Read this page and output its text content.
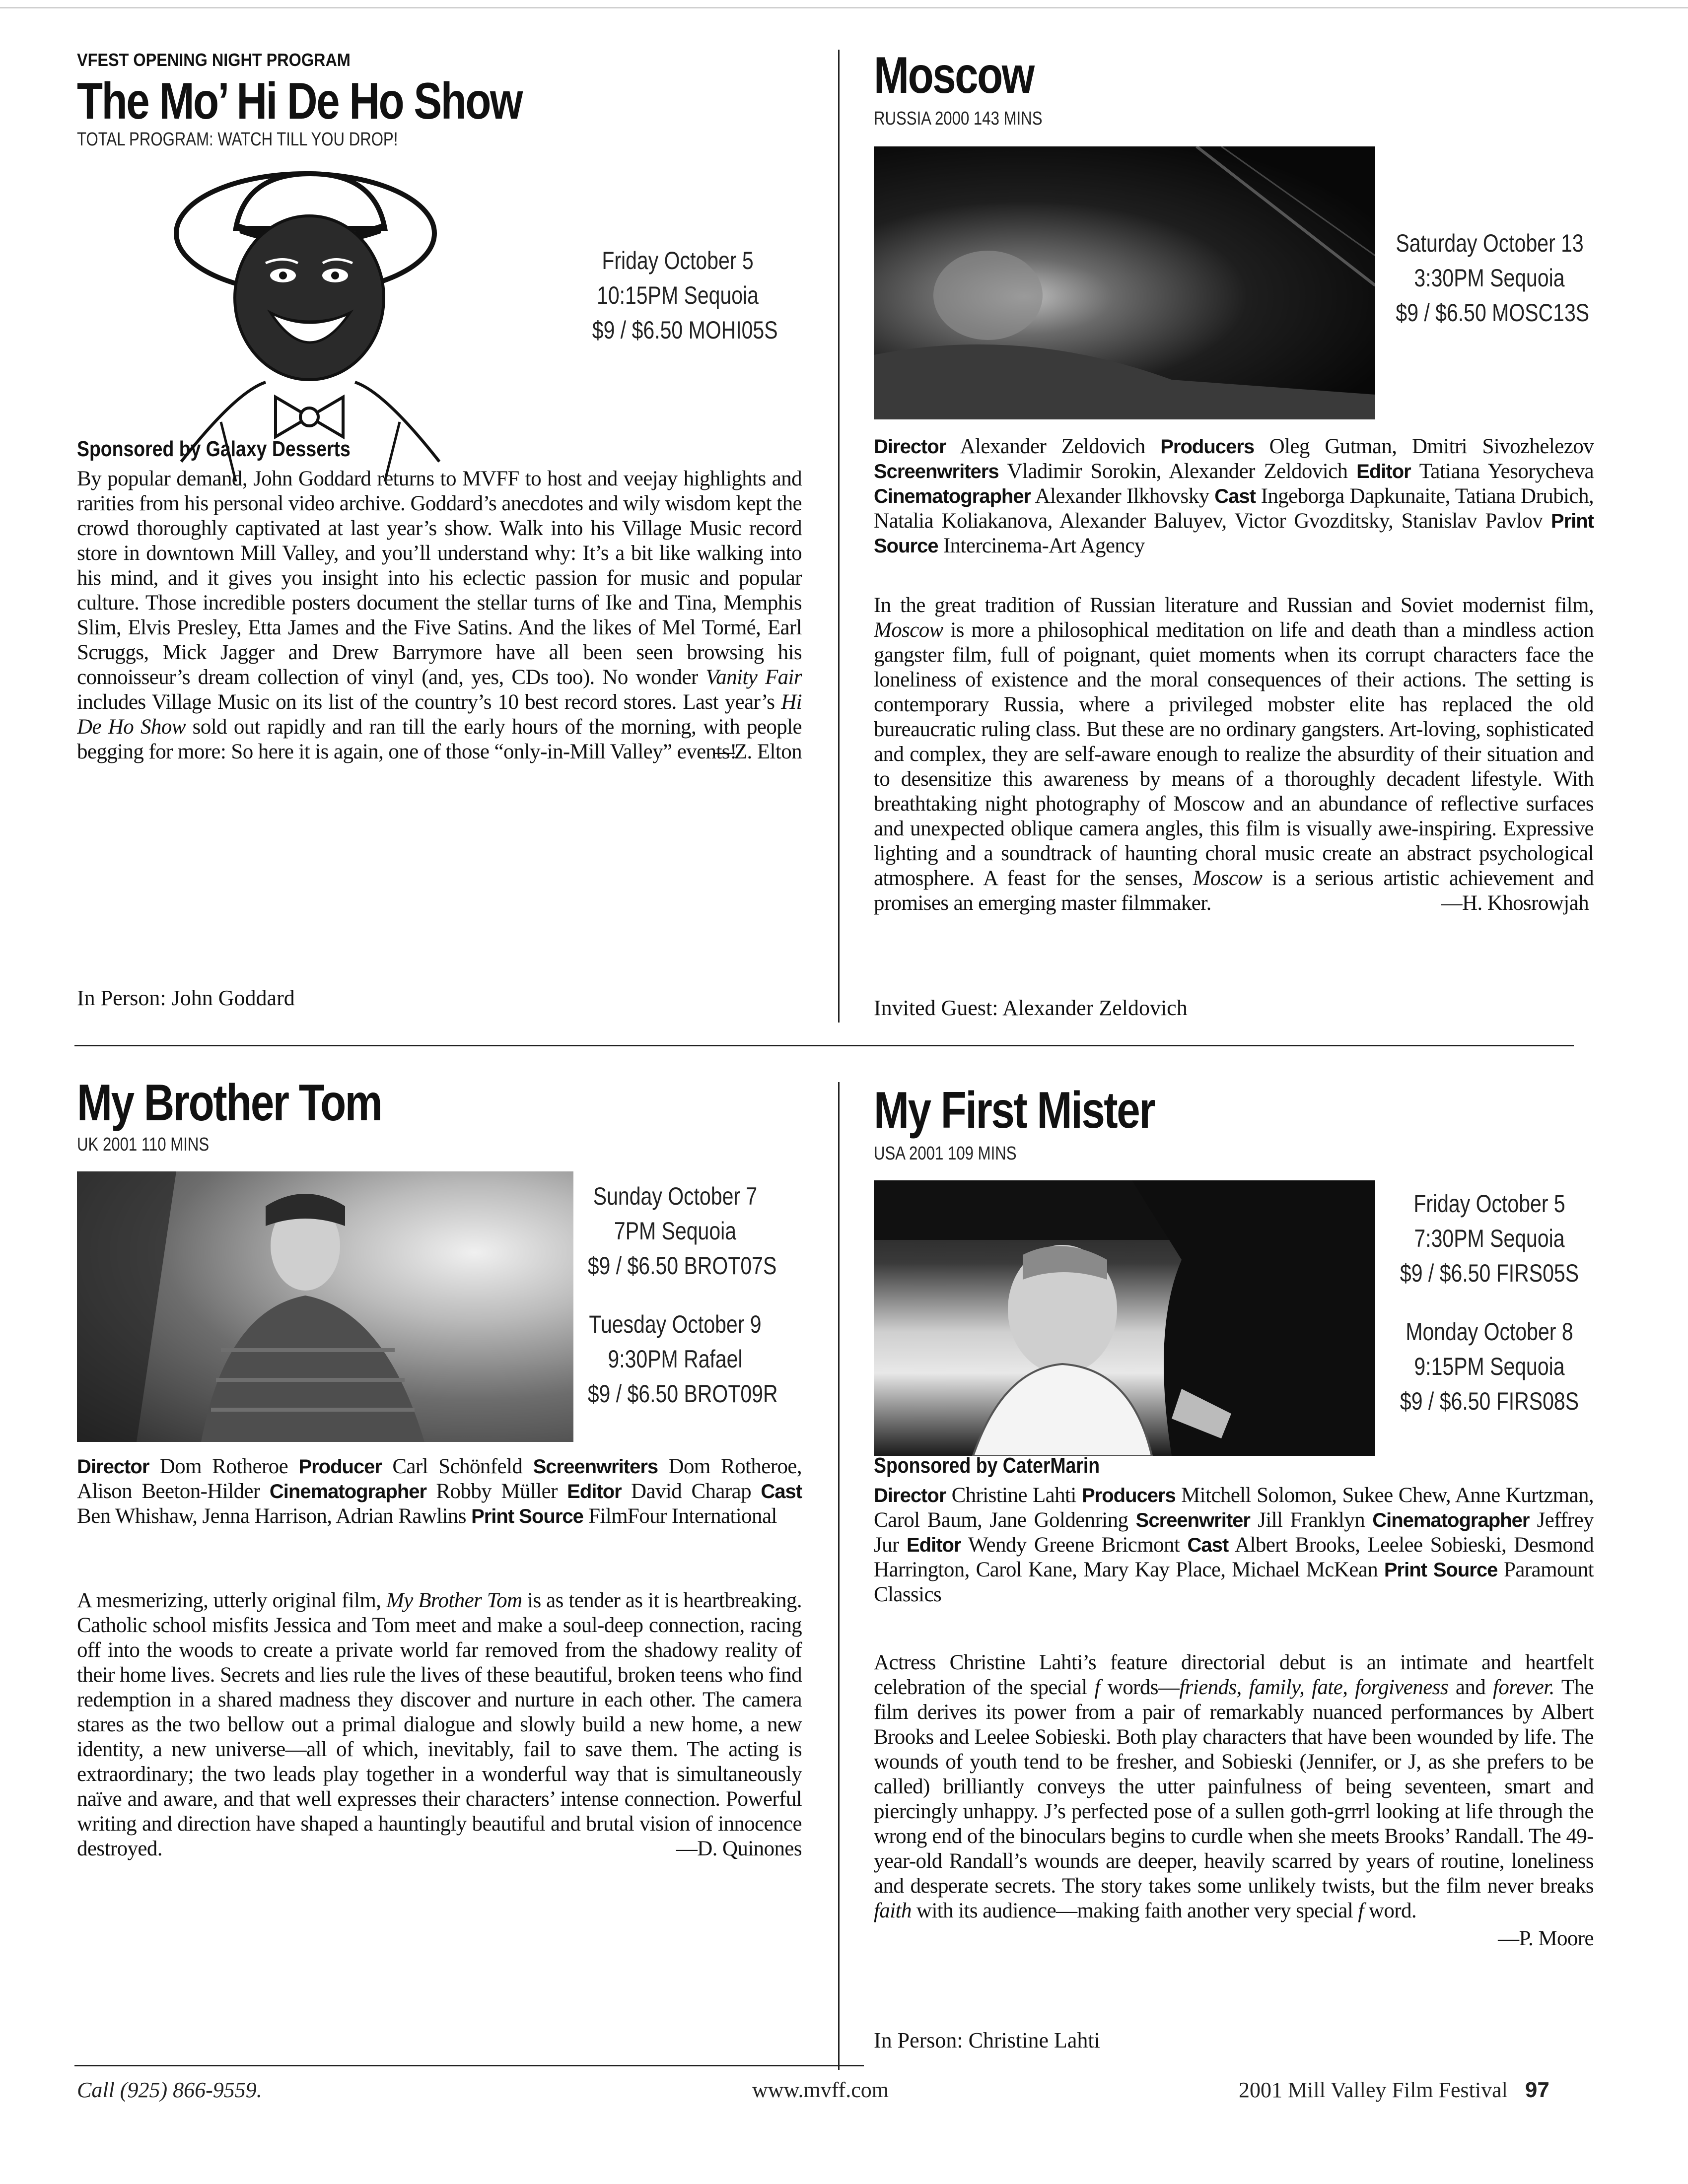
VFEST OPENING NIGHT PROGRAM
The Mo’ Hi De Ho Show
TOTAL PROGRAM: WATCH TILL YOU DROP!
Friday October 5
10:15PM Sequoia
$9 / $6.50 MOHI05S
Sponsored by Galaxy Desserts
By popular demand, John Goddard returns to MVFF to host and veejay highlights and rarities from his personal video archive. Goddard’s anecdotes and wily wisdom kept the crowd thoroughly captivated at last year’s show. Walk into his Village Music record store in downtown Mill Valley, and you’ll understand why: It’s a bit like walking into his mind, and it gives you insight into his eclectic passion for music and popular culture. Those incredible posters document the stellar turns of Ike and Tina, Memphis Slim, Elvis Presley, Etta James and the Five Satins. And the likes of Mel Tormé, Earl Scruggs, Mick Jagger and Drew Barrymore have all been seen browsing his connoisseur’s dream collection of vinyl (and, yes, CDs too). No wonder Vanity Fair includes Village Music on its list of the country’s 10 best record stores. Last year’s Hi De Ho Show sold out rapidly and ran till the early hours of the morning, with people begging for more: So here it is again, one of those “only-in-Mill Valley” events!
—Z. Elton
In Person: John Goddard
Moscow
RUSSIA 2000 143 MINS
Saturday October 13
3:30PM Sequoia
$9 / $6.50 MOSC13S
Director Alexander Zeldovich Producers Oleg Gutman, Dmitri Sivozhelezov Screenwriters Vladimir Sorokin, Alexander Zeldovich Editor Tatiana Yesorycheva Cinematographer Alexander Ilkhovsky Cast Ingeborga Dapkunaite, Tatiana Drubich, Natalia Koliakanova, Alexander Baluyev, Victor Gvozditsky, Stanislav Pavlov Print Source Intercinema-Art Agency
In the great tradition of Russian literature and Russian and Soviet modernist film, Moscow is more a philosophical meditation on life and death than a mindless action gangster film, full of poignant, quiet moments when its corrupt characters face the loneliness of existence and the moral consequences of their actions. The setting is contemporary Russia, where a privileged mobster elite has replaced the old bureaucratic ruling class. But these are no ordinary gangsters. Art-loving, sophisticated and complex, they are self-aware enough to realize the absurdity of their situation and to desensitize this awareness by means of a thoroughly decadent lifestyle. With breathtaking night photography of Moscow and an abundance of reflective surfaces and unexpected oblique camera angles, this film is visually awe-inspiring. Expressive lighting and a soundtrack of haunting choral music create an abstract psychological atmosphere. A feast for the senses, Moscow is a serious artistic achievement and promises an emerging master filmmaker.	—H. Khosrowjah
Invited Guest: Alexander Zeldovich
My Brother Tom
UK 2001 110 MINS
Sunday October 7
7PM Sequoia
$9 / $6.50 BROT07S
Tuesday October 9
9:30PM Rafael
$9 / $6.50 BROT09R
Director Dom Rotheroe Producer Carl Schönfeld Screenwriters Dom Rotheroe, Alison Beeton-Hilder Cinematographer Robby Müller Editor David Charap Cast Ben Whishaw, Jenna Harrison, Adrian Rawlins Print Source FilmFour International
A mesmerizing, utterly original film, My Brother Tom is as tender as it is heartbreaking. Catholic school misfits Jessica and Tom meet and make a soul-deep connection, racing off into the woods to create a private world far removed from the shadowy reality of their home lives. Secrets and lies rule the lives of these beautiful, broken teens who find redemption in a shared madness they discover and nurture in each other. The camera stares as the two bellow out a primal dialogue and slowly build a new home, a new identity, a new universe—all of which, inevitably, fail to save them. The acting is extraordinary; the two leads play together in a wonderful way that is simultaneously naïve and aware, and that well expresses their characters’ intense connection. Powerful writing and direction have shaped a hauntingly beautiful and brutal vision of innocence destroyed.	—D. Quinones
My First Mister
USA 2001 109 MINS
Friday October 5
7:30PM Sequoia
$9 / $6.50 FIRS05S
Monday October 8
9:15PM Sequoia
$9 / $6.50 FIRS08S
Sponsored by CaterMarin
Director Christine Lahti Producers Mitchell Solomon, Sukee Chew, Anne Kurtzman, Carol Baum, Jane Goldenring Screenwriter Jill Franklyn Cinematographer Jeffrey Jur Editor Wendy Greene Bricmont Cast Albert Brooks, Leelee Sobieski, Desmond Harrington, Carol Kane, Mary Kay Place, Michael McKean Print Source Paramount Classics
Actress Christine Lahti’s feature directorial debut is an intimate and heartfelt celebration of the special f words—friends, family, fate, forgiveness and forever. The film derives its power from a pair of remarkably nuanced performances by Albert Brooks and Leelee Sobieski. Both play characters that have been wounded by life. The wounds of youth tend to be fresher, and Sobieski (Jennifer, or J, as she prefers to be called) brilliantly conveys the utter painfulness of being seventeen, smart and piercingly unhappy. J’s perfected pose of a sullen goth-grrrl looking at life through the wrong end of the binoculars begins to curdle when she meets Brooks’ Randall. The 49-year-old Randall’s wounds are deeper, heavily scarred by years of routine, loneliness and desperate secrets. The story takes some unlikely twists, but the film never breaks faith with its audience—making faith another very special f word.
—P. Moore
In Person: Christine Lahti
Call (925) 866-9559.	www.mvff.com	2001 Mill Valley Film Festival 97
